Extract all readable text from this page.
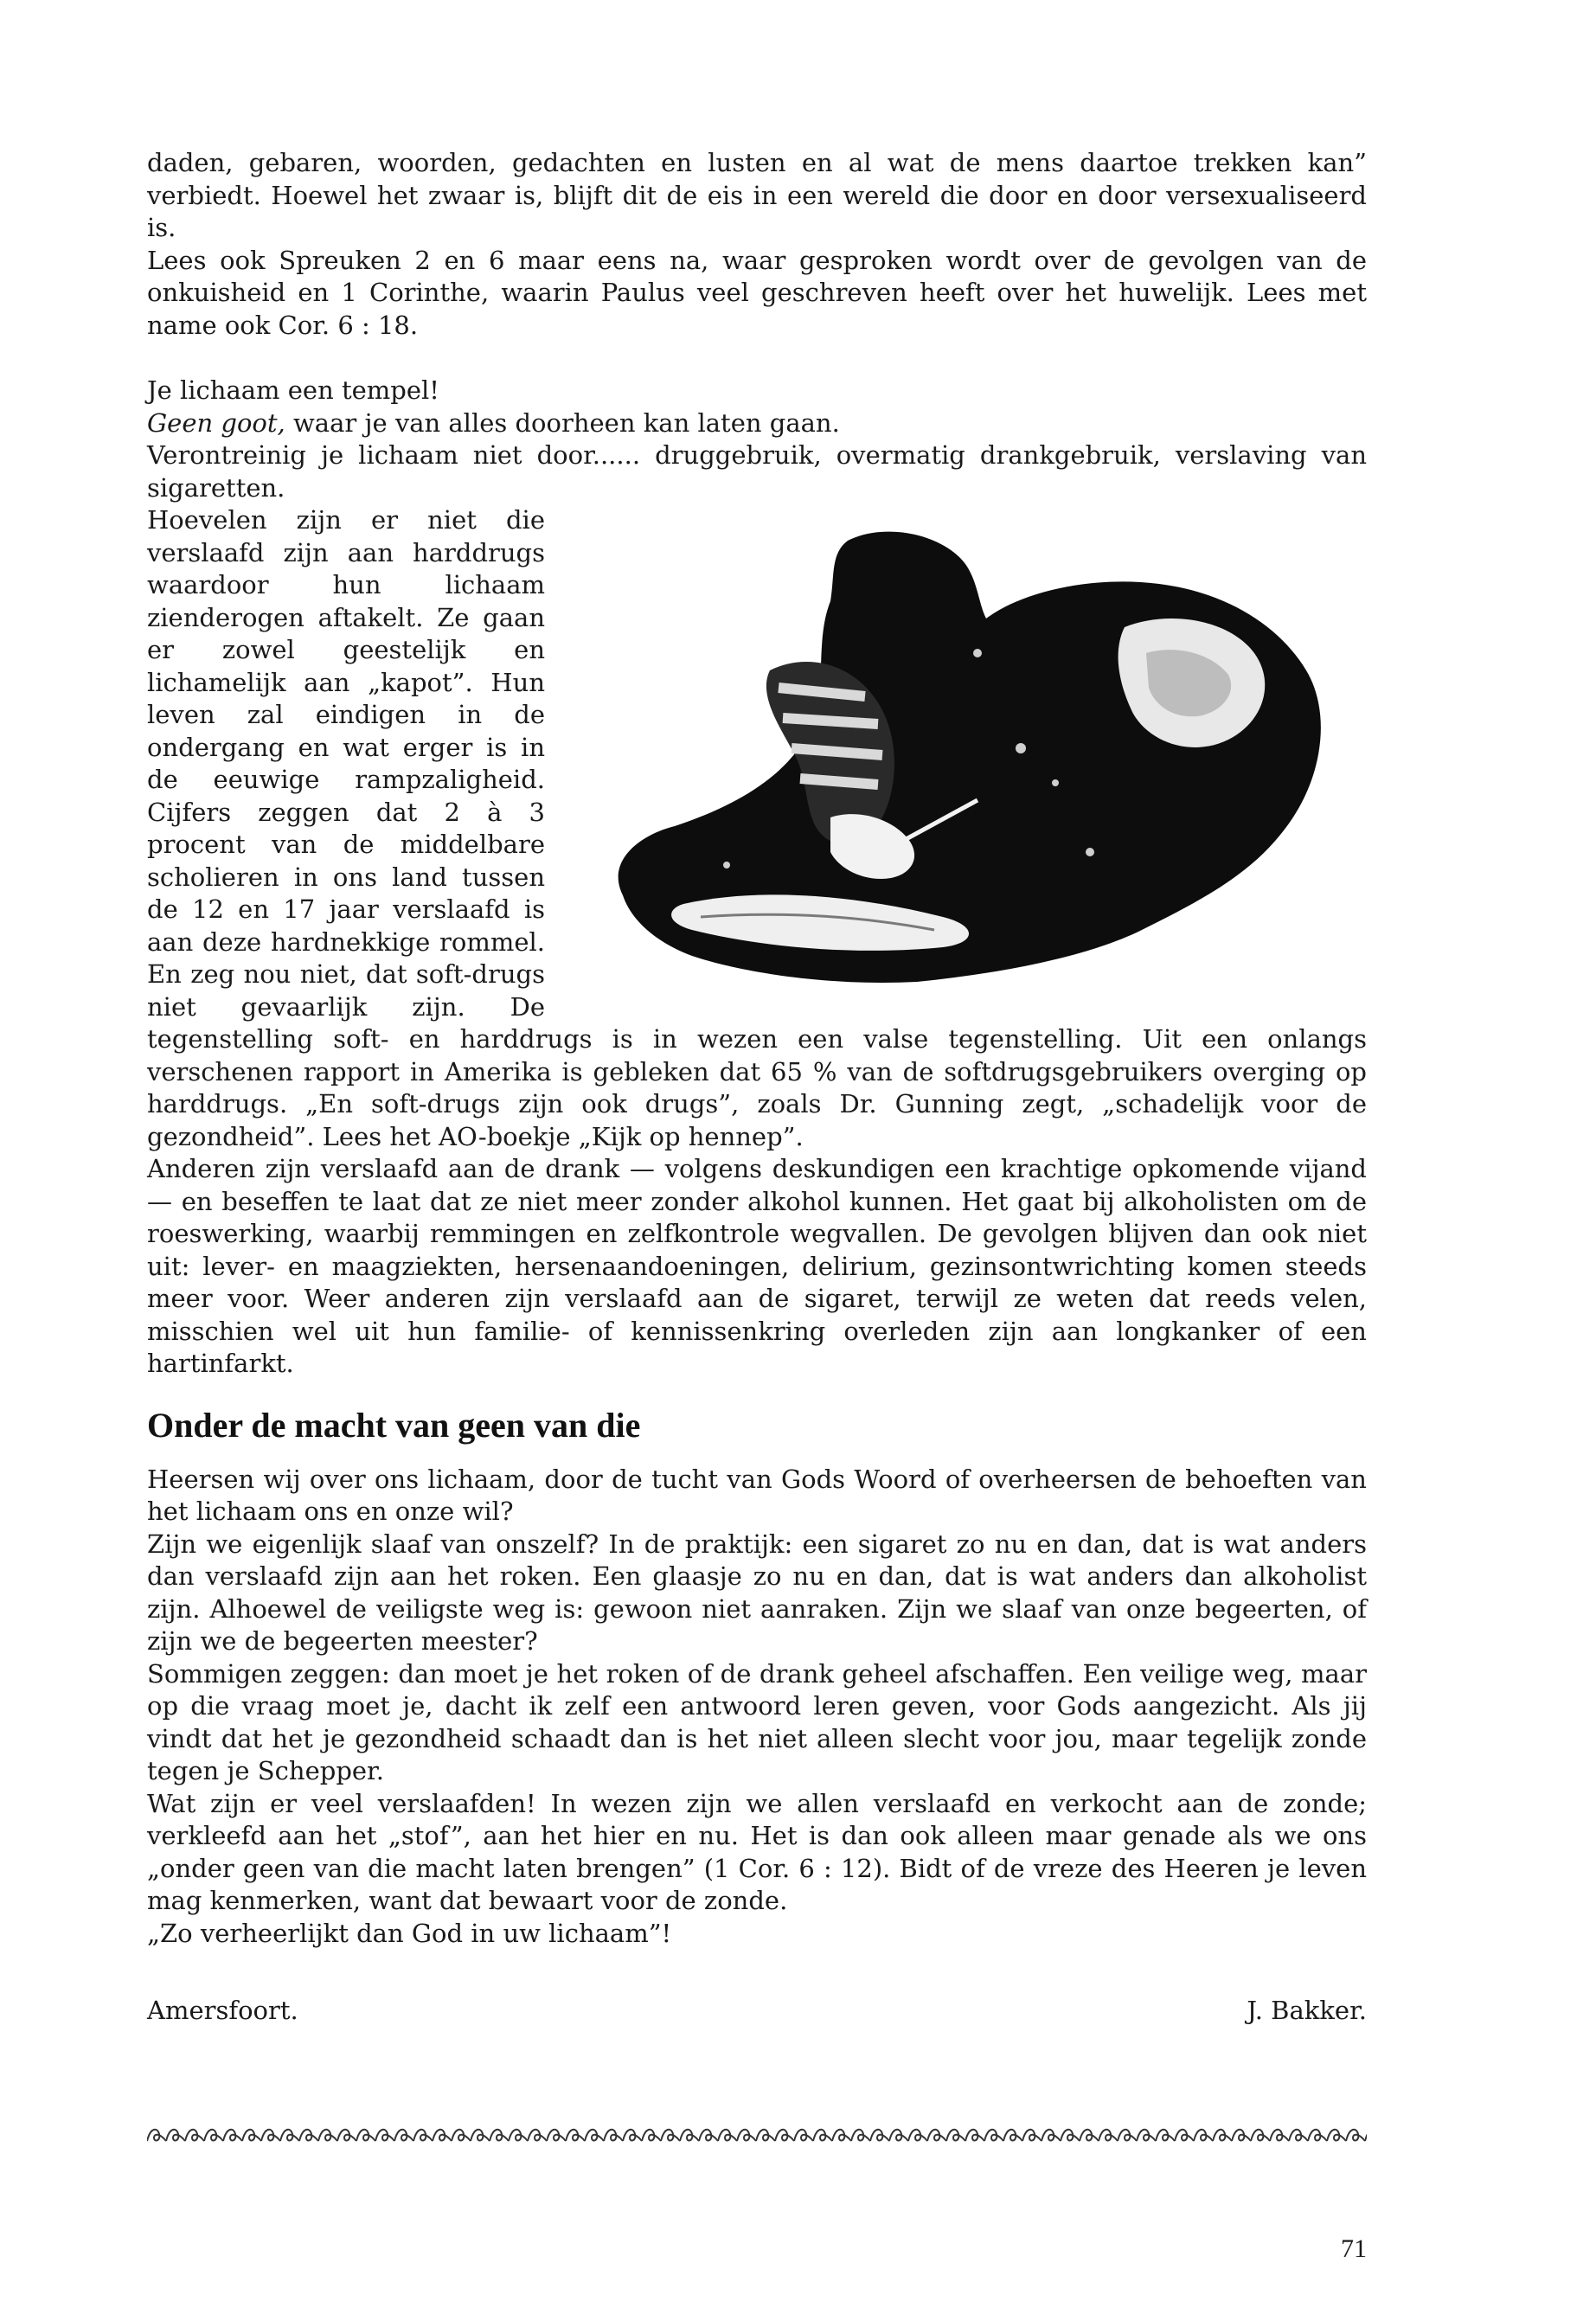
daden, gebaren, woorden, gedachten en lusten en al wat de mens daartoe trekken kan” verbiedt. Hoewel het zwaar is, blijft dit de eis in een wereld die door en door versexualiseerd is.

Lees ook Spreuken 2 en 6 maar eens na, waar gesproken wordt over de gevolgen van de onkuisheid en 1 Corinthe, waarin Paulus veel geschreven heeft over het huwelijk. Lees met name ook Cor. 6 : 18.

Je lichaam een tempel!

Geen goot, waar je van alles doorheen kan laten gaan.

Verontreinig je lichaam niet door...... druggebruik, overmatig drankgebruik, verslaving van sigaretten.

Hoevelen zijn er niet die verslaafd zijn aan harddrugs waardoor hun lichaam zienderogen aftakelt. Ze gaan er zowel geestelijk en lichamelijk aan „kapot”. Hun leven zal eindigen in de ondergang en wat erger is in de eeuwige rampzaligheid. Cijfers zeggen dat 2 à 3 procent van de middelbare scholieren in ons land tussen de 12 en 17 jaar verslaafd is aan deze hardnekkige rommel. En zeg nou niet, dat soft-drugs niet gevaarlijk zijn. De tegenstelling soft- en harddrugs is in wezen een valse tegenstelling. Uit een onlangs verschenen rapport in Amerika is gebleken dat 65 % van de softdrugsgebruikers overging op harddrugs. „En soft-drugs zijn ook drugs”, zoals Dr. Gunning zegt, „schadelijk voor de gezondheid”. Lees het AO-boekje „Kijk op hennep”.

Anderen zijn verslaafd aan de drank — volgens deskundigen een krachtige opkomende vijand — en beseffen te laat dat ze niet meer zonder alkohol kunnen. Het gaat bij alkoholisten om de roeswerking, waarbij remmingen en zelfkontrole wegvallen. De gevolgen blijven dan ook niet uit: lever- en maagziekten, hersenaandoeningen, delirium, gezinsontwrichting komen steeds meer voor. Weer anderen zijn verslaafd aan de sigaret, terwijl ze weten dat reeds velen, misschien wel uit hun familie- of kennissenkring overleden zijn aan longkanker of een hartinfarkt.

Onder de macht van geen van die

Heersen wij over ons lichaam, door de tucht van Gods Woord of overheersen de behoeften van het lichaam ons en onze wil?

Zijn we eigenlijk slaaf van onszelf? In de praktijk: een sigaret zo nu en dan, dat is wat anders dan verslaafd zijn aan het roken. Een glaasje zo nu en dan, dat is wat anders dan alkoholist zijn. Alhoewel de veiligste weg is: gewoon niet aanraken. Zijn we slaaf van onze begeerten, of zijn we de begeerten meester?

Sommigen zeggen: dan moet je het roken of de drank geheel afschaffen. Een veilige weg, maar op die vraag moet je, dacht ik zelf een antwoord leren geven, voor Gods aangezicht. Als jij vindt dat het je gezondheid schaadt dan is het niet alleen slecht voor jou, maar tegelijk zonde tegen je Schepper.

Wat zijn er veel verslaafden! In wezen zijn we allen verslaafd en verkocht aan de zonde; verkleefd aan het „stof”, aan het hier en nu. Het is dan ook alleen maar genade als we ons „onder geen van die macht laten brengen” (1 Cor. 6 : 12). Bidt of de vreze des Heeren je leven mag kenmerken, want dat bewaart voor de zonde.

„Zo verheerlijkt dan God in uw lichaam”!

Amersfoort.	J. Bakker.
71
